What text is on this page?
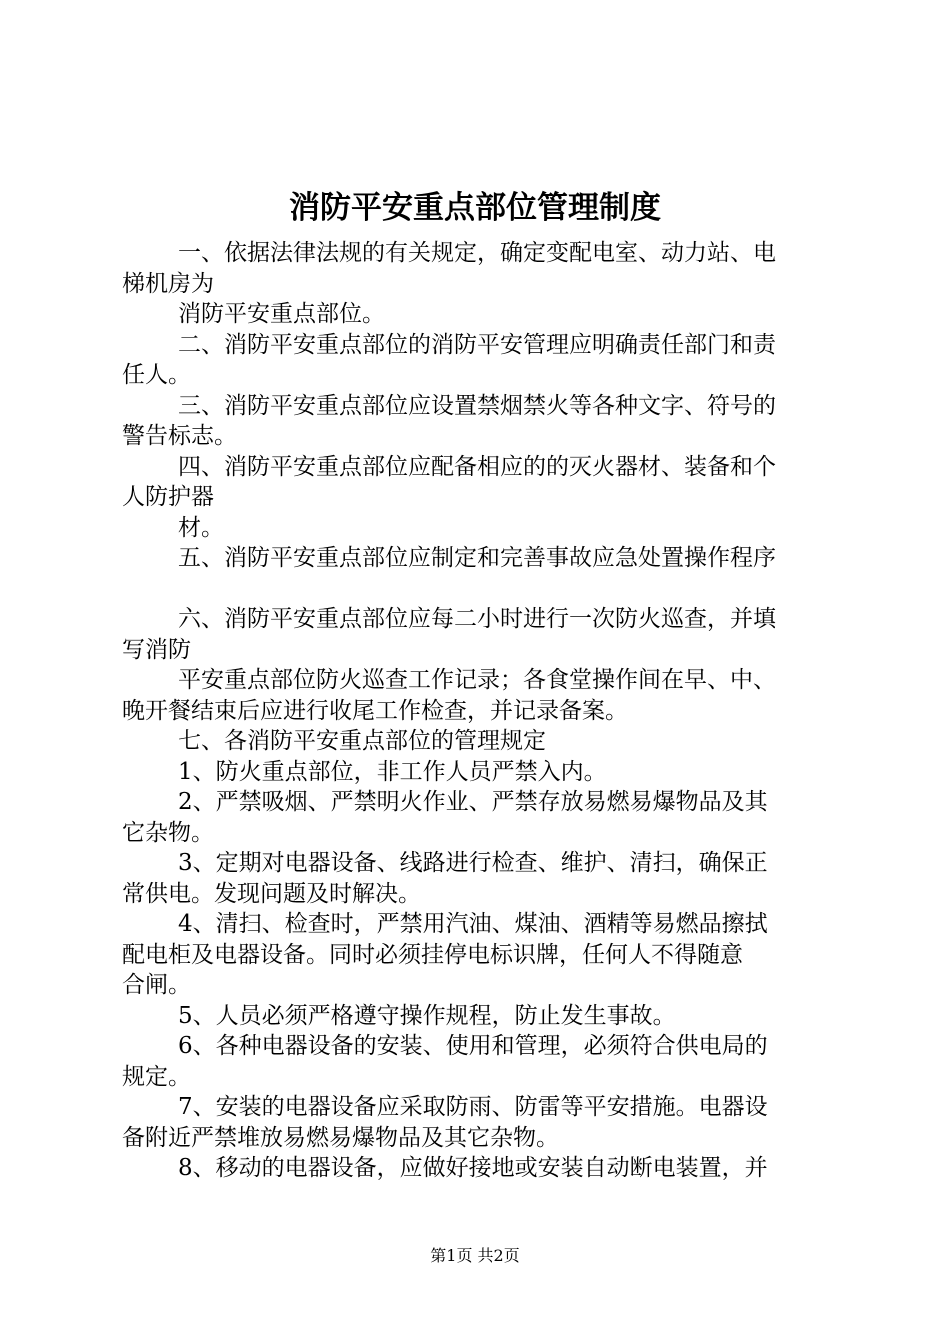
消防平安重点部位管理制度

一、依据法律法规的有关规定，确定变配电室、动力站、电

梯机房为

消防平安重点部位。

二、消防平安重点部位的消防平安管理应明确责任部门和责

任人。

三、消防平安重点部位应设置禁烟禁火等各种文字、符号的

警告标志。

四、消防平安重点部位应配备相应的的灭火器材、装备和个

人防护器

材。

五、消防平安重点部位应制定和完善事故应急处置操作程序

六、消防平安重点部位应每二小时进行一次防火巡查，并填

写消防

平安重点部位防火巡查工作记录；各食堂操作间在早、中、

晚开餐结束后应进行收尾工作检查，并记录备案。

七、各消防平安重点部位的管理规定

1、防火重点部位，非工作人员严禁入内。

2、严禁吸烟、严禁明火作业、严禁存放易燃易爆物品及其

它杂物。

3、定期对电器设备、线路进行检查、维护、清扫，确保正

常供电。发现问题及时解决。

4、清扫、检查时，严禁用汽油、煤油、酒精等易燃品擦拭

配电柜及电器设备。同时必须挂停电标识牌，任何人不得随意

合闸。

5、人员必须严格遵守操作规程，防止发生事故。

6、各种电器设备的安装、使用和管理，必须符合供电局的

规定。

7、安装的电器设备应采取防雨、防雷等平安措施。电器设

备附近严禁堆放易燃易爆物品及其它杂物。

8、移动的电器设备，应做好接地或安装自动断电装置，并

第1页 共2页
